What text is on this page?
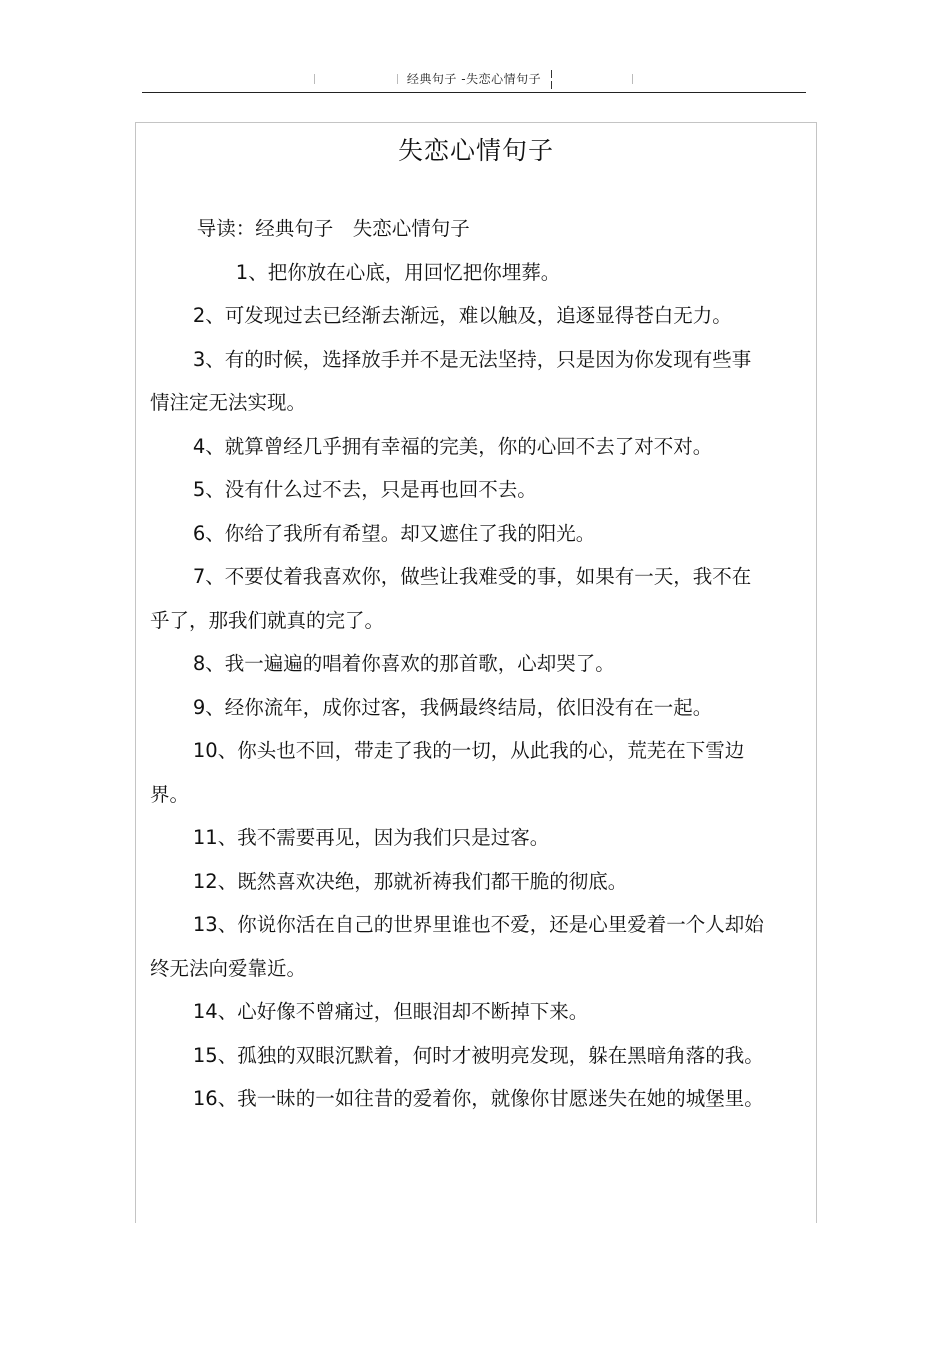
经典句子 -失恋心情句子
失恋心情句子

导读：经典句子　失恋心情句子

1、把你放在心底，用回忆把你埋葬。

2、可发现过去已经渐去渐远，难以触及，追逐显得苍白无力。

3、有的时候，选择放手并不是无法坚持，只是因为你发现有些事情注定无法实现。

4、就算曾经几乎拥有幸福的完美，你的心回不去了对不对。

5、没有什么过不去，只是再也回不去。

6、你给了我所有希望。却又遮住了我的阳光。

7、不要仗着我喜欢你，做些让我难受的事，如果有一天，我不在乎了，那我们就真的完了。

8、我一遍遍的唱着你喜欢的那首歌，心却哭了。

9、经你流年，成你过客，我俩最终结局，依旧没有在一起。

10、你头也不回，带走了我的一切，从此我的心，荒芜在下雪边界。

11、我不需要再见，因为我们只是过客。

12、既然喜欢决绝，那就祈祷我们都干脆的彻底。

13、你说你活在自己的世界里谁也不爱，还是心里爱着一个人却始终无法向爱靠近。

14、心好像不曾痛过，但眼泪却不断掉下来。

15、孤独的双眼沉默着，何时才被明亮发现，躲在黑暗角落的我。

16、我一昧的一如往昔的爱着你，就像你甘愿迷失在她的城堡里。
